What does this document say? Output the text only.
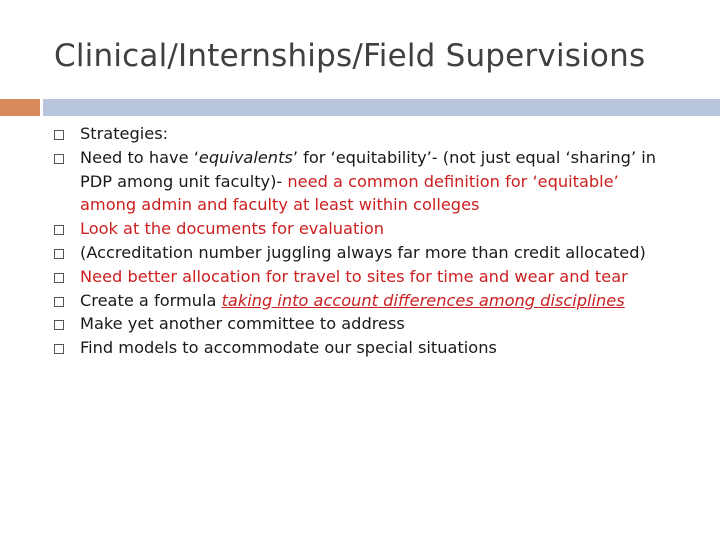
Clinical/Internships/Field Supervisions
Strategies:
Need to have ‘equivalents’ for ‘equitability’- (not just equal ‘sharing’ in PDP among unit faculty)- need a common definition for ‘equitable’ among admin and faculty at least within colleges
Look at the documents for evaluation
(Accreditation number juggling always far more than credit allocated)
Need better allocation for travel to sites for time and wear and tear
Create a formula taking into account differences among disciplines
Make yet another committee to address
Find models to accommodate our special situations
